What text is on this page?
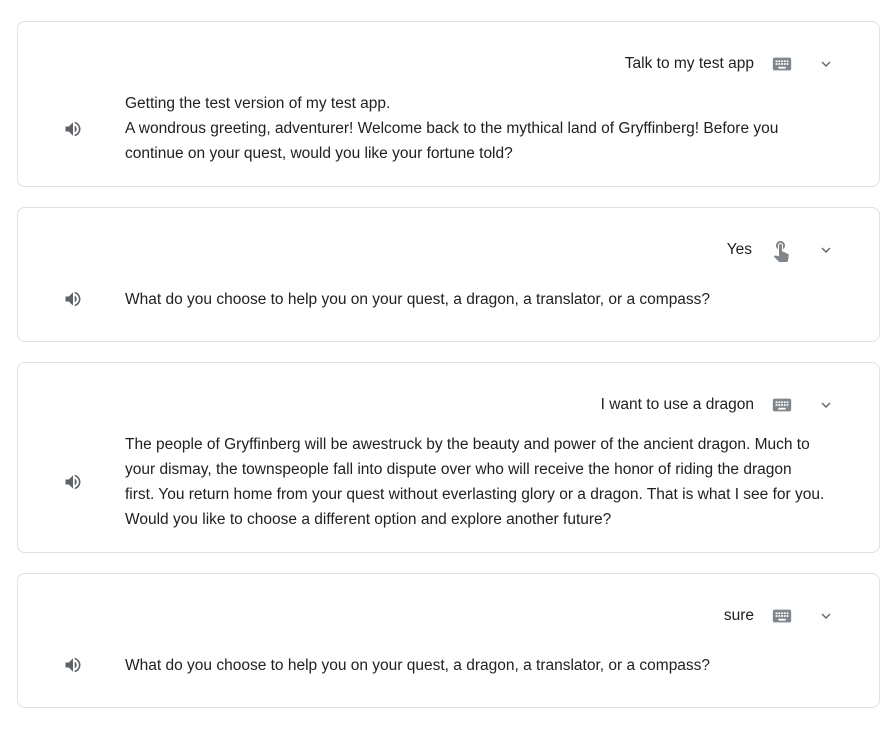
Talk to my test app
Getting the test version of my test app.
A wondrous greeting, adventurer! Welcome back to the mythical land of Gryffinberg! Before you continue on your quest, would you like your fortune told?
Yes
What do you choose to help you on your quest, a dragon, a translator, or a compass?
I want to use a dragon
The people of Gryffinberg will be awestruck by the beauty and power of the ancient dragon. Much to your dismay, the townspeople fall into dispute over who will receive the honor of riding the dragon first. You return home from your quest without everlasting glory or a dragon. That is what I see for you. Would you like to choose a different option and explore another future?
sure
What do you choose to help you on your quest, a dragon, a translator, or a compass?
